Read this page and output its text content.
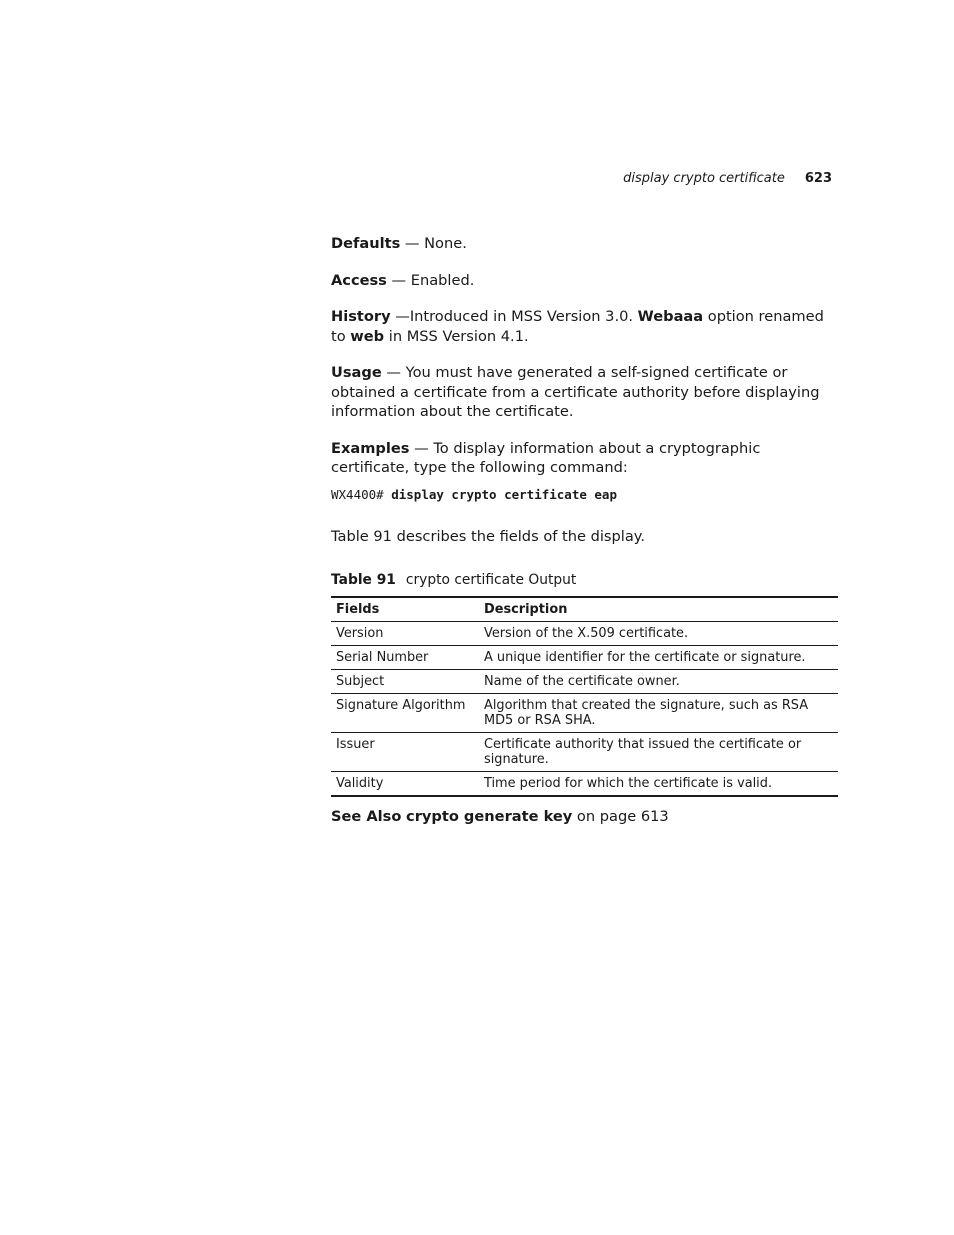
display crypto certificate 623

Defaults — None.

Access — Enabled.

History —Introduced in MSS Version 3.0. Webaaa option renamed to web in MSS Version 4.1.

Usage — You must have generated a self-signed certificate or obtained a certificate from a certificate authority before displaying information about the certificate.

Examples — To display information about a cryptographic certificate, type the following command:

WX4400# display crypto certificate eap

Table 91 describes the fields of the display.

Table 91 crypto certificate Output
Fields	Description
Version	Version of the X.509 certificate.
Serial Number	A unique identifier for the certificate or signature.
Subject	Name of the certificate owner.
Signature Algorithm	Algorithm that created the signature, such as RSA MD5 or RSA SHA.
Issuer	Certificate authority that issued the certificate or signature.
Validity	Time period for which the certificate is valid.
See Also crypto generate key on page 613
